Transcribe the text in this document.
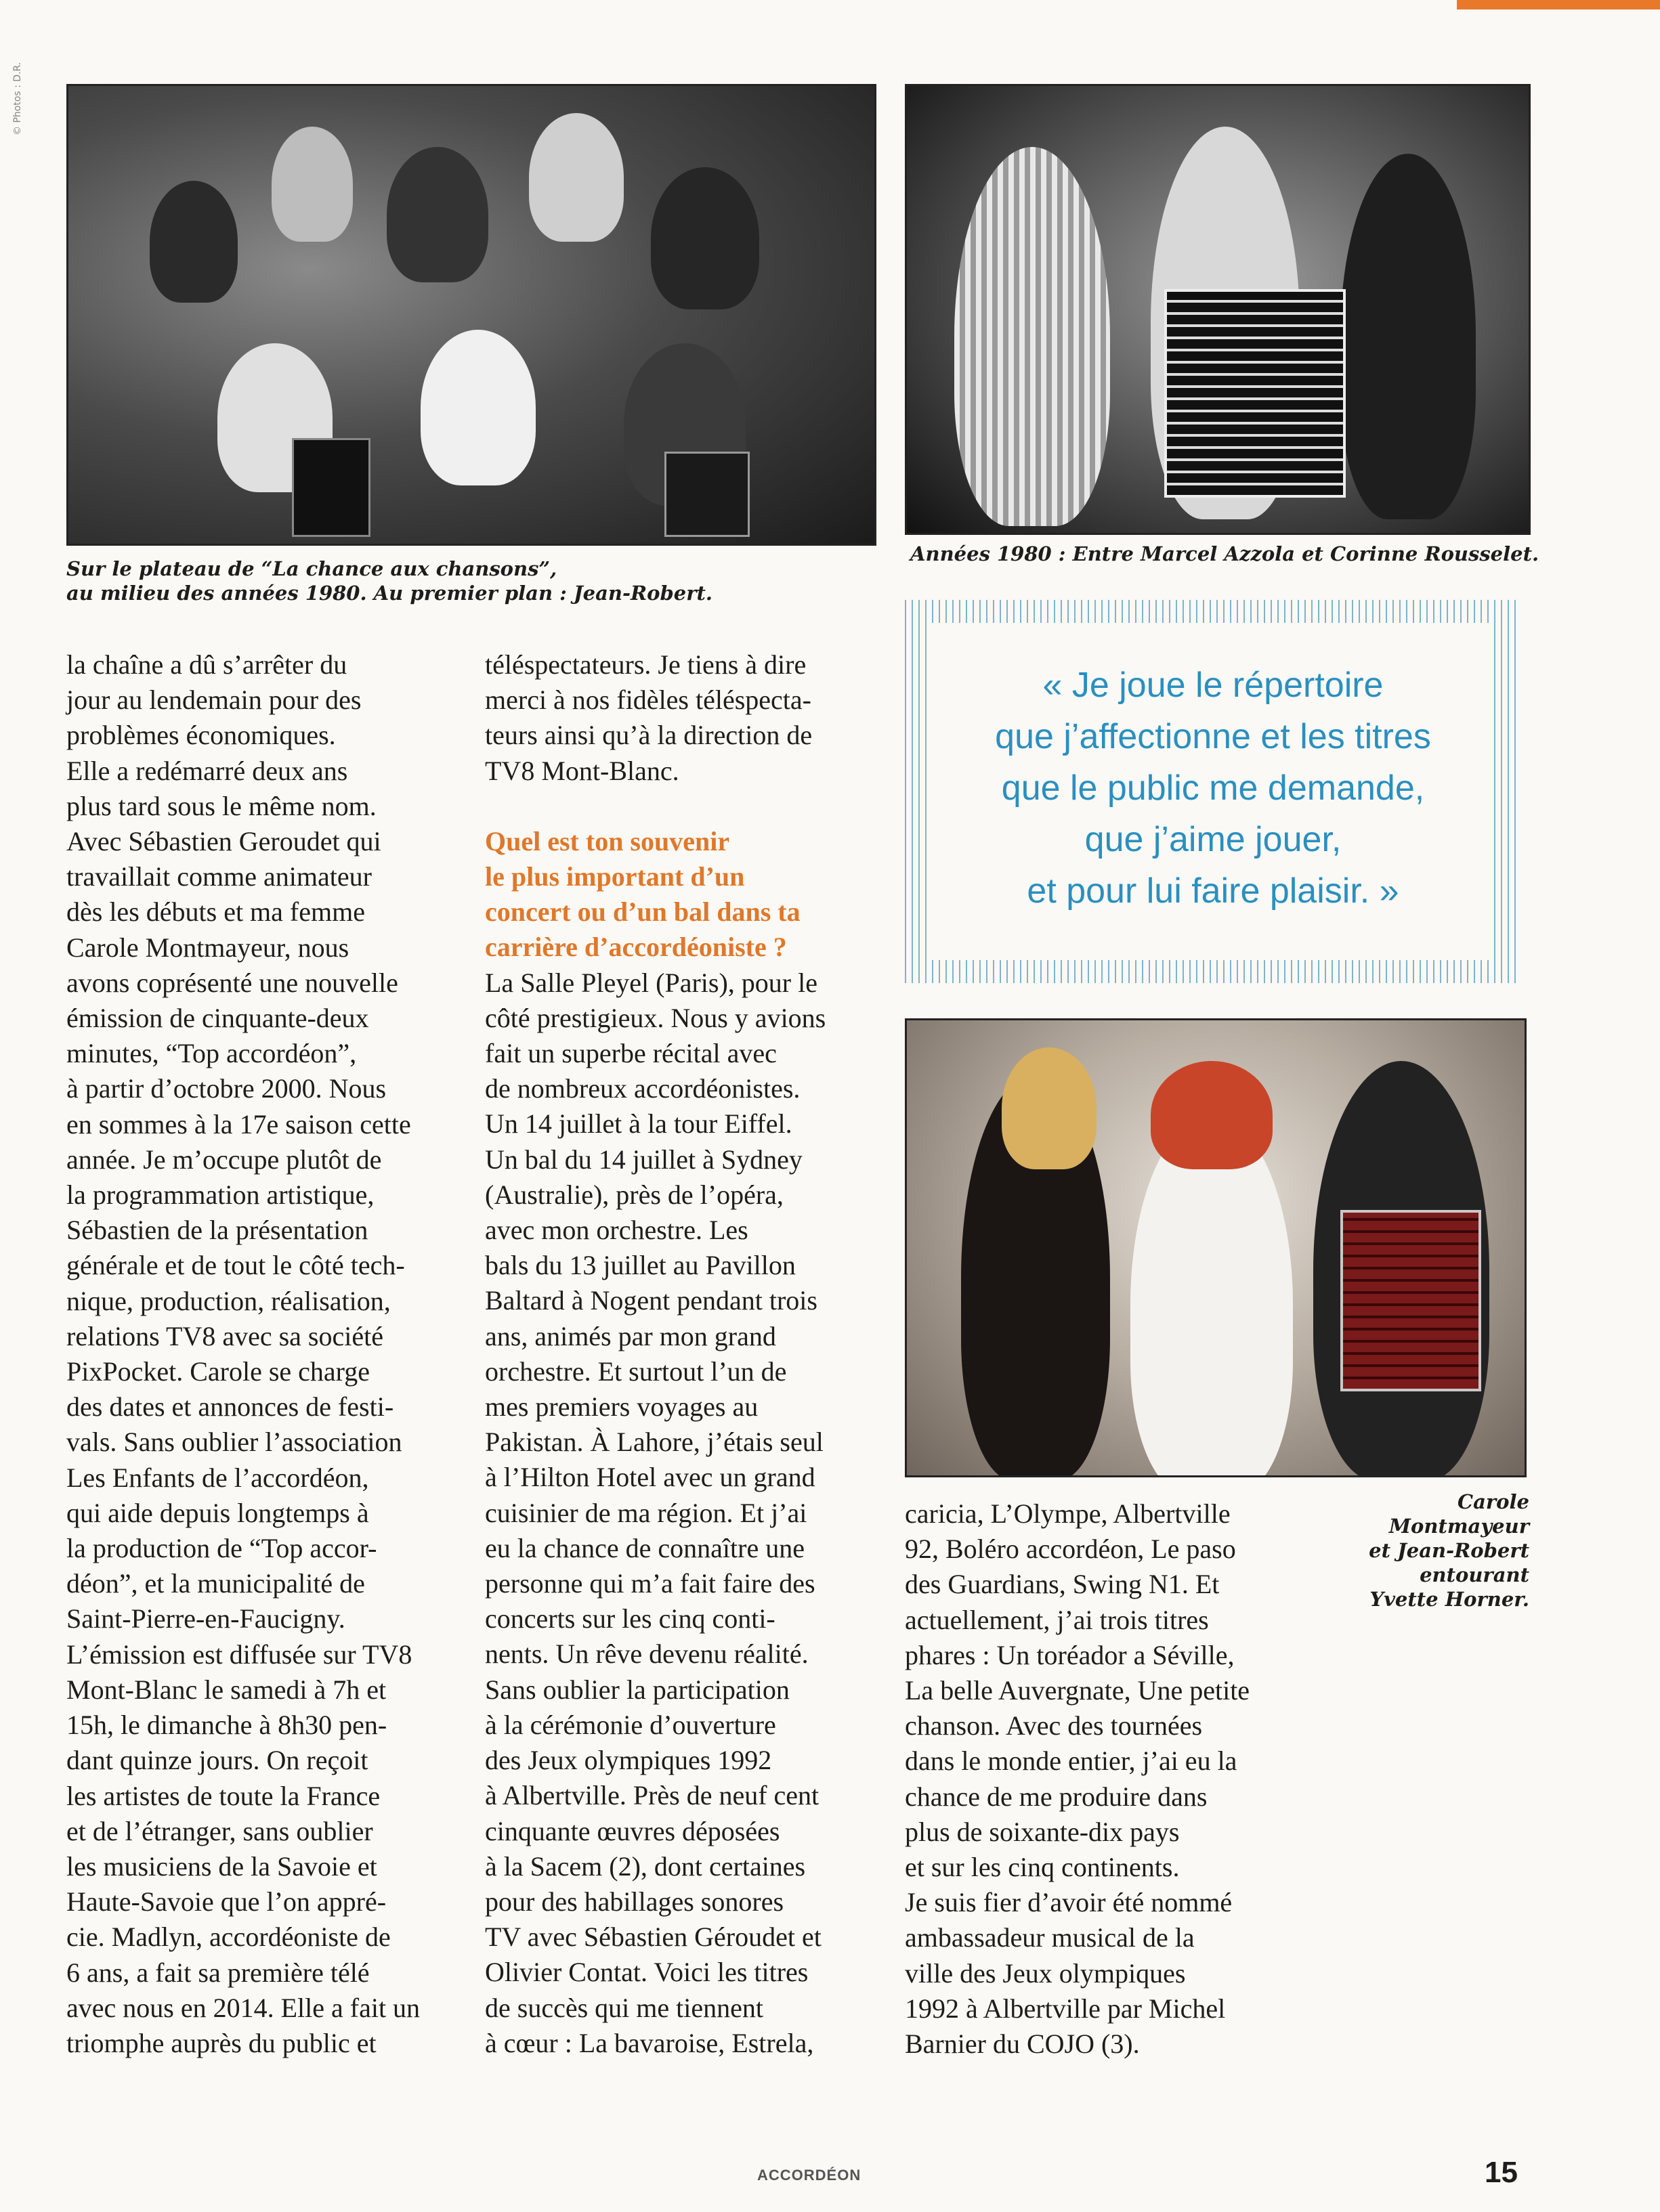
© Photos : D.R.
Sur le plateau de “La chance aux chansons”,
au milieu des années 1980. Au premier plan : Jean-Robert.
Années 1980 : Entre Marcel Azzola et Corinne Rousselet.

« Je joue le répertoire

que j’affectionne et les titres

que le public me demande,

que j’aime jouer,

et pour lui faire plaisir. »

Carole
Montmayeur
et Jean-Robert
entourant
Yvette Horner.

la chaîne a dû s’arrêter du

jour au lendemain pour des

problèmes économiques.

Elle a redémarré deux ans

plus tard sous le même nom.

Avec Sébastien Geroudet qui

travaillait comme animateur

dès les débuts et ma femme

Carole Montmayeur, nous

avons coprésenté une nouvelle

émission de cinquante-deux

minutes, “Top accordéon”,

à partir d’octobre 2000. Nous

en sommes à la 17e saison cette

année. Je m’occupe plutôt de

la programmation artistique,

Sébastien de la présentation

générale et de tout le côté tech-

nique, production, réalisation,

relations TV8 avec sa société

PixPocket. Carole se charge

des dates et annonces de festi-

vals. Sans oublier l’association

Les Enfants de l’accordéon,

qui aide depuis longtemps à

la production de “Top accor-

déon”, et la municipalité de

Saint-Pierre-en-Faucigny.

L’émission est diffusée sur TV8

Mont-Blanc le samedi à 7h et

15h, le dimanche à 8h30 pen-

dant quinze jours. On reçoit

les artistes de toute la France

et de l’étranger, sans oublier

les musiciens de la Savoie et

Haute-Savoie que l’on appré-

cie. Madlyn, accordéoniste de

6 ans, a fait sa première télé

avec nous en 2014. Elle a fait un

triomphe auprès du public et

téléspectateurs. Je tiens à dire

merci à nos fidèles téléspecta-

teurs ainsi qu’à la direction de

TV8 Mont-Blanc.

Quel est ton souvenir

le plus important d’un

concert ou d’un bal dans ta

carrière d’accordéoniste ?

La Salle Pleyel (Paris), pour le

côté prestigieux. Nous y avions

fait un superbe récital avec

de nombreux accordéonistes.

Un 14 juillet à la tour Eiffel.

Un bal du 14 juillet à Sydney

(Australie), près de l’opéra,

avec mon orchestre. Les

bals du 13 juillet au Pavillon

Baltard à Nogent pendant trois

ans, animés par mon grand

orchestre. Et surtout l’un de

mes premiers voyages au

Pakistan. À Lahore, j’étais seul

à l’Hilton Hotel avec un grand

cuisinier de ma région. Et j’ai

eu la chance de connaître une

personne qui m’a fait faire des

concerts sur les cinq conti-

nents. Un rêve devenu réalité.

Sans oublier la participation

à la cérémonie d’ouverture

des Jeux olympiques 1992

à Albertville. Près de neuf cent

cinquante œuvres déposées

à la Sacem (2), dont certaines

pour des habillages sonores

TV avec Sébastien Géroudet et

Olivier Contat. Voici les titres

de succès qui me tiennent

à cœur : La bavaroise, Estrela,

caricia, L’Olympe, Albertville

92, Boléro accordéon, Le paso

des Guardians, Swing N1. Et

actuellement, j’ai trois titres

phares : Un toréador a Séville,

La belle Auvergnate, Une petite

chanson. Avec des tournées

dans le monde entier, j’ai eu la

chance de me produire dans

plus de soixante-dix pays

et sur les cinq continents.

Je suis fier d’avoir été nommé

ambassadeur musical de la

ville des Jeux olympiques

1992 à Albertville par Michel

Barnier du COJO (3).

ACCORDÉON	15
